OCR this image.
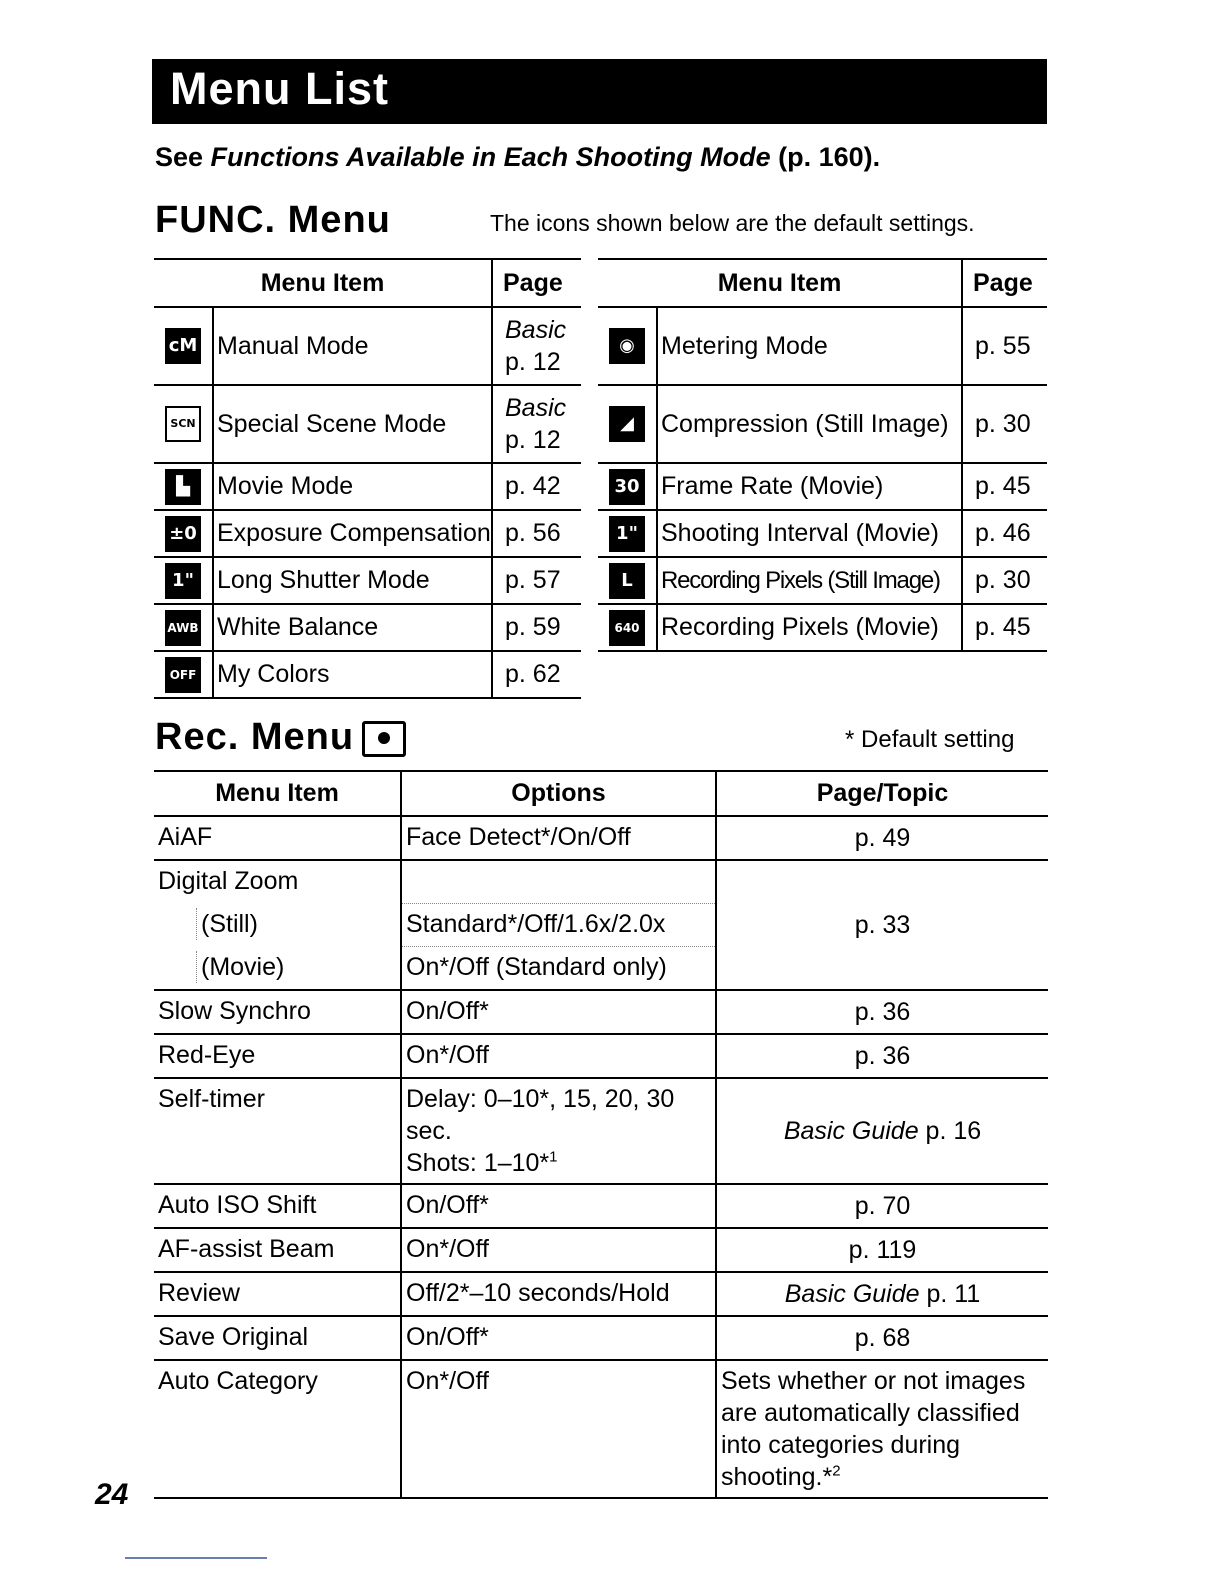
Menu List
See Functions Available in Each Shooting Mode (p. 160).
FUNC. Menu	The icons shown below are the default settings.
Menu Item		Page
ᴄM	Manual Mode	Basic
p. 12

SCN	Special Scene Mode	Basic
p. 12

▙	Movie Mode	p. 42
±0	Exposure Compensation	p. 56
1"	Long Shutter Mode	p. 57
AWB	White Balance	p. 59
OFF	My Colors	p. 62
Menu Item		Page
◉	Metering Mode	p. 55
◢	Compression (Still Image)	p. 30
30	Frame Rate (Movie)	p. 45
1"	Shooting Interval (Movie)	p. 46
L	Recording Pixels (Still Image)	p. 30
640	Recording Pixels (Movie)	p. 45
Rec. Menu	* Default setting
Menu Item	Options	Page/Topic
AiAF	Face Detect*/On/Off	p. 49
Digital Zoom		p. 33
(Still)	Standard*/Off/1.6x/2.0x	
(Movie)	On*/Off (Standard only)	
Slow Synchro	On/Off*	p. 36
Red-Eye	On*/Off	p. 36
Self-timer	Delay: 0–10*, 15, 20, 30
sec.
Shots: 1–10*$^1$	Basic Guide p. 16
Auto ISO Shift	On/Off*	p. 70
AF-assist Beam	On*/Off	p. 119
Review	Off/2*–10 seconds/Hold	Basic Guide p. 11
Save Original	On/Off*	p. 68
Auto Category	On*/Off	Sets whether or not images
are automatically classified
into categories during
shooting.*$^2$
24
